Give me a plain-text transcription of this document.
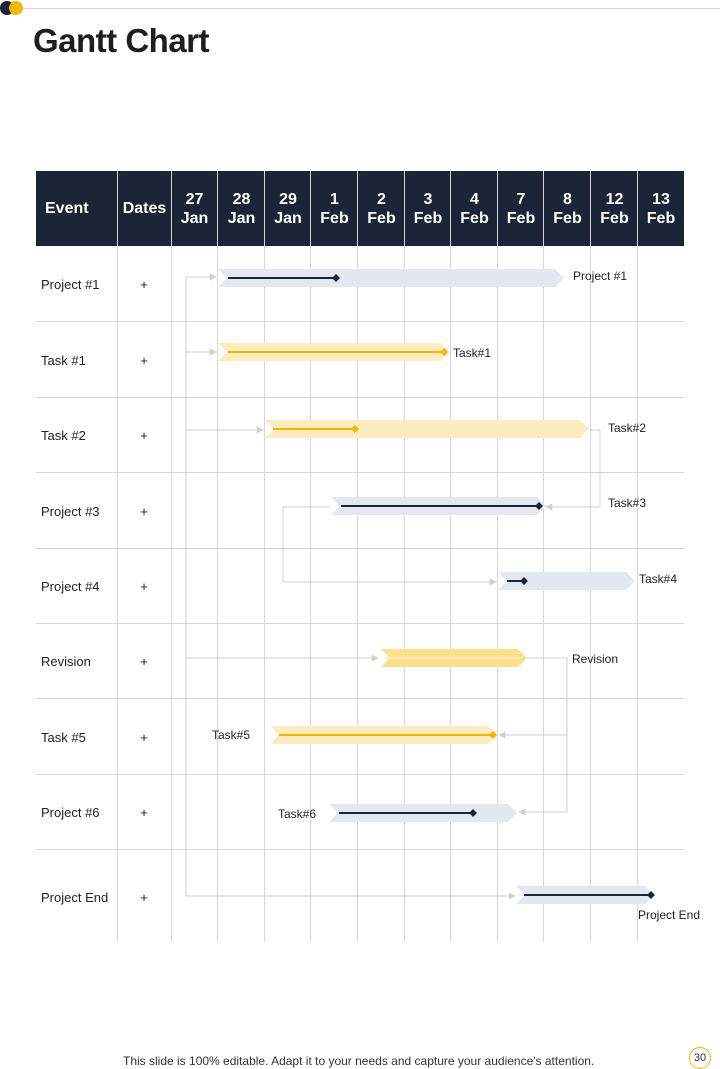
Gantt Chart
Event Dates
27
Jan
28
Jan
29
Jan
1
Feb
2
Feb
3
Feb
4
Feb
7
Feb
8
Feb
12
Feb
13
Feb
Project #1
Task #1
Task #2
Project #3
Project #4
Revision
Task #5
Project #6
Project End
+
+
+
+
+
+
+
+
+
Project #1
Task#1
Task#2
Task#3
Task#4
Revision
Task#5
Task#6
Project End
This slide is 100% editable. Adapt it to your needs and capture your audience's attention.	30
